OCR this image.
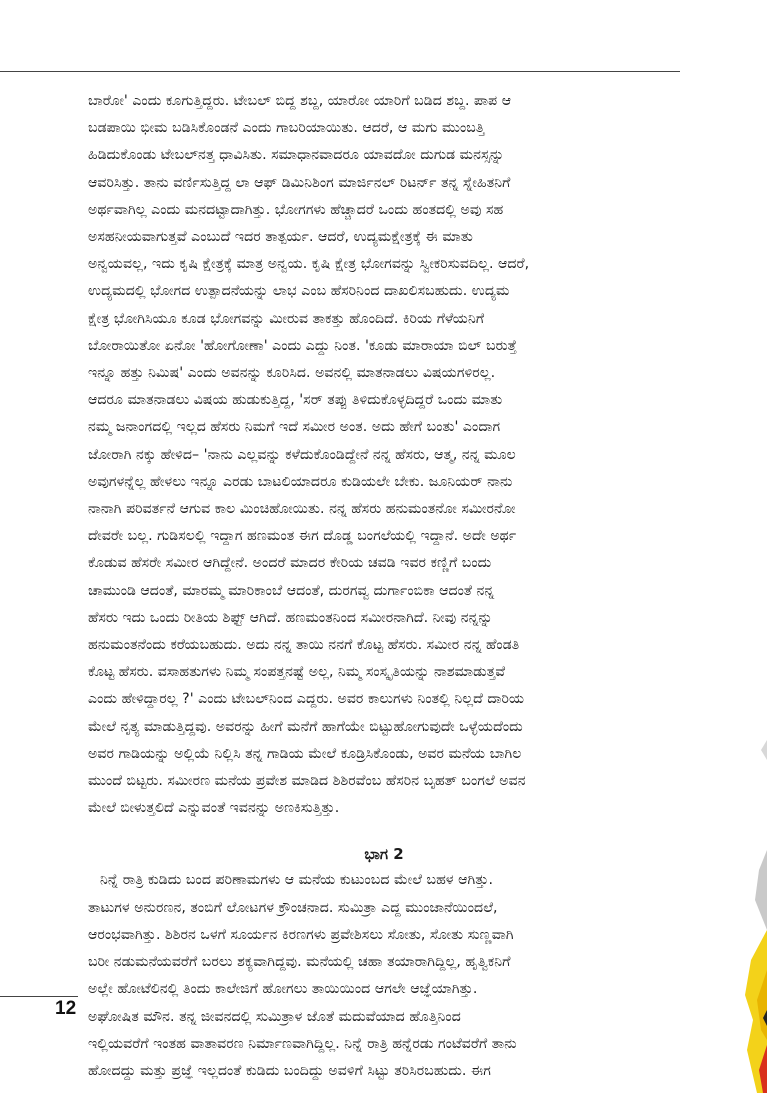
ಬಾರೋ' ಎಂದು ಕೂಗುತ್ತಿದ್ದರು. ಟೇಬಲ್ ಬಿದ್ದ ಶಬ್ದ, ಯಾರೋ ಯಾರಿಗೆ ಬಡಿದ ಶಬ್ದ. ಪಾಪ ಆ
ಬಡಪಾಯಿ ಭೀಮ ಬಡಿಸಿಕೊಂಡನೆ ಎಂದು ಗಾಬರಿಯಾಯಿತು. ಆದರೆ, ಆ ಮಗು ಮುಂಬತ್ತಿ
ಹಿಡಿದುಕೊಂಡು ಟೇಬಲ್‌ನತ್ತ ಧಾವಿಸಿತು. ಸಮಾಧಾನವಾದರೂ ಯಾವದೋ ದುಗುಡ ಮನಸ್ಸನ್ನು
ಆವರಿಸಿತ್ತು. ತಾನು ವರ್ಣಿಸುತ್ತಿದ್ದ ಲಾ ಆಫ್ ಡಿಮಿನಿಶಿಂಗ ಮಾರ್ಜಿನಲ್ ರಿಟರ್ನ್ ತನ್ನ ಸ್ನೇಹಿತನಿಗೆ
ಅರ್ಥವಾಗಿಲ್ಲ ಎಂದು ಮನದಟ್ಟಾದಾಗಿತ್ತು. ಭೋಗಗಳು ಹೆಚ್ಚಾದರೆ ಒಂದು ಹಂತದಲ್ಲಿ ಅವು ಸಹ
ಅಸಹನೀಯವಾಗುತ್ತವೆ ಎಂಬುದೆ ಇದರ ತಾತ್ಪರ್ಯ. ಆದರೆ, ಉದ್ಯಮಕ್ಷೇತ್ರಕ್ಕೆ ಈ ಮಾತು
ಅನ್ವಯವಲ್ಲ, ಇದು ಕೃಷಿ ಕ್ಷೇತ್ರಕ್ಕೆ ಮಾತ್ರ ಅನ್ವಯ. ಕೃಷಿ ಕ್ಷೇತ್ರ ಭೋಗವನ್ನು ಸ್ವೀಕರಿಸುವದಿಲ್ಲ. ಆದರೆ,
ಉದ್ಯಮದಲ್ಲಿ ಭೋಗದ ಉತ್ಪಾದನೆಯನ್ನು ಲಾಭ ಎಂಬ ಹೆಸರಿನಿಂದ ದಾಖಲಿಸಬಹುದು. ಉದ್ಯಮ
ಕ್ಷೇತ್ರ ಭೋಗಿಸಿಯೂ ಕೂಡ ಭೋಗವನ್ನು ಮೀರುವ ತಾಕತ್ತು ಹೊಂದಿದೆ. ಕಿರಿಯ ಗೆಳೆಯನಿಗೆ
ಬೋರಾಯಿತೋ ಏನೋ 'ಹೋಗೋಣಾ' ಎಂದು ಎದ್ದು ನಿಂತ. 'ಕೂಡು ಮಾರಾಯಾ ಬಿಲ್ ಬರುತ್ತೆ
ಇನ್ನೂ ಹತ್ತು ನಿಮಿಷ' ಎಂದು ಅವನನ್ನು ಕೂರಿಸಿದ. ಅವನಲ್ಲಿ ಮಾತನಾಡಲು ವಿಷಯಗಳಿರಲ್ಲ.
ಆದರೂ ಮಾತನಾಡಲು ವಿಷಯ ಹುಡುಕುತ್ತಿದ್ದ, 'ಸರ್ ತಪ್ಪು ತಿಳಿದುಕೊಳ್ಳದಿದ್ದರೆ ಒಂದು ಮಾತು
ನಮ್ಮ ಜನಾಂಗದಲ್ಲಿ ಇಲ್ಲದ ಹೆಸರು ನಿಮಗೆ ಇದೆ ಸಮೀರ ಅಂತ. ಅದು ಹೇಗೆ ಬಂತು' ಎಂದಾಗ
ಜೋರಾಗಿ ನಕ್ಕು ಹೇಳಿದ– 'ನಾನು ಎಲ್ಲವನ್ನು ಕಳೆದುಕೊಂಡಿದ್ದೇನೆ ನನ್ನ ಹೆಸರು, ಆತ್ಮ, ನನ್ನ ಮೂಲ
ಅವುಗಳನ್ನೆಲ್ಲ ಹೇಳಲು ಇನ್ನೂ ಎರಡು ಬಾಟಲಿಯಾದರೂ ಕುಡಿಯಲೇ ಬೇಕು. ಜೂನಿಯರ್ ನಾನು
ನಾನಾಗಿ ಪರಿವರ್ತನೆ ಆಗುವ ಕಾಲ ಮಿಂಚಿಹೋಯಿತು. ನನ್ನ ಹೆಸರು ಹನುಮಂತನೋ ಸಮೀರನೋ
ದೇವರೇ ಬಲ್ಲ. ಗುಡಿಸಲಲ್ಲಿ ಇದ್ದಾಗ ಹಣಮಂತ ಈಗ ದೊಡ್ಡ ಬಂಗಲೆಯಲ್ಲಿ ಇದ್ದಾನೆ. ಅದೇ ಅರ್ಥ
ಕೊಡುವ ಹೆಸರೇ ಸಮೀರ ಆಗಿದ್ದೇನೆ. ಅಂದರೆ ಮಾದರ ಕೇರಿಯ ಚವಡಿ ಇವರ ಕಣ್ಣಿಗೆ ಬಂದು
ಚಾಮುಂಡಿ ಆದಂತೆ, ಮಾರಮ್ಮ ಮಾರಿಕಾಂಬೆ ಆದಂತೆ, ದುರಗವ್ವ ದುರ್ಗಾಂಬಿಕಾ ಆದಂತೆ ನನ್ನ
ಹೆಸರು ಇದು ಒಂದು ರೀತಿಯ ಶಿಫ್ಟ್ ಆಗಿದೆ. ಹಣಮಂತನಿಂದ ಸಮೀರನಾಗಿದೆ. ನೀವು ನನ್ನನ್ನು
ಹನುಮಂತನೆಂದು ಕರೆಯಬಹುದು. ಅದು ನನ್ನ ತಾಯಿ ನನಗೆ ಕೊಟ್ಟ ಹೆಸರು. ಸಮೀರ ನನ್ನ ಹೆಂಡತಿ
ಕೊಟ್ಟ ಹೆಸರು. ವಸಾಹತುಗಳು ನಿಮ್ಮ ಸಂಪತ್ತನಷ್ಟೆ ಅಲ್ಲ, ನಿಮ್ಮ ಸಂಸ್ಕೃತಿಯನ್ನು ನಾಶಮಾಡುತ್ತವೆ
ಎಂದು ಹೇಳಿದ್ದಾರಲ್ಲ ?' ಎಂದು ಟೇಬಲ್‌ನಿಂದ ಎದ್ದರು. ಅವರ ಕಾಲುಗಳು ನಿಂತಲ್ಲಿ ನಿಲ್ಲದೆ ದಾರಿಯ
ಮೇಲೆ ನೃತ್ಯ ಮಾಡುತ್ತಿದ್ದವು. ಅವರನ್ನು ಹೀಗೆ ಮನೆಗೆ ಹಾಗೆಯೇ ಬಿಟ್ಟುಹೋಗುವುದೇ ಒಳ್ಳೆಯದೆಂದು
ಅವರ ಗಾಡಿಯನ್ನು ಅಲ್ಲಿಯೆ ನಿಲ್ಲಿಸಿ ತನ್ನ ಗಾಡಿಯ ಮೇಲೆ ಕೂಡ್ರಿಸಿಕೊಂಡು, ಅವರ ಮನೆಯ ಬಾಗಿಲ
ಮುಂದೆ ಬಿಟ್ಟರು. ಸಮೀರಣ ಮನೆಯ ಪ್ರವೇಶ ಮಾಡಿದ ಶಿಶಿರವೆಂಬ ಹೆಸರಿನ ಬೃಹತ್ ಬಂಗಲೆ ಅವನ
ಮೇಲೆ ಬೀಳುತ್ತಲಿದೆ ಎನ್ನುವಂತೆ ಇವನನ್ನು ಅಣಕಿಸುತ್ತಿತ್ತು.

ಭಾಗ 2

ನಿನ್ನೆ ರಾತ್ರಿ ಕುಡಿದು ಬಂದ ಪರಿಣಾಮಗಳು ಆ ಮನೆಯ ಕುಟುಂಬದ ಮೇಲೆ ಬಹಳ ಆಗಿತ್ತು.
ತಾಟುಗಳ ಅನುರಣನ, ತಂಬಿಗೆ ಲೋಟಗಳ ಕ್ರೌಂಚನಾದ. ಸುಮಿತ್ರಾ ಎದ್ದ ಮುಂಜಾನೆಯಿಂದಲೆ,
ಆರಂಭವಾಗಿತ್ತು. ಶಿಶಿರನ ಒಳಗೆ ಸೂರ್ಯನ ಕಿರಣಗಳು ಪ್ರವೇಶಿಸಲು ಸೋತು, ಸೋತು ಸುಣ್ಣವಾಗಿ
ಬರೀ ನಡುಮನೆಯವರೆಗೆ ಬರಲು ಶಕ್ಯವಾಗಿದ್ದವು. ಮನೆಯಲ್ಲಿ ಚಹಾ ತಯಾರಾಗಿದ್ದಿಲ್ಲ, ಹೃತ್ವಿಕನಿಗೆ
ಅಲ್ಲೇ ಹೋಟೆಲಿನಲ್ಲಿ ತಿಂದು ಕಾಲೇಜಿಗೆ ಹೋಗಲು ತಾಯಿಯಿಂದ ಆಗಲೇ ಆಜ್ಞೆಯಾಗಿತ್ತು.
ಅಘೋಷಿತ ಮೌನ. ತನ್ನ ಜೀವನದಲ್ಲಿ ಸುಮಿತ್ರಾಳ ಜೊತೆ ಮದುವೆಯಾದ ಹೊತ್ತಿನಿಂದ
ಇಲ್ಲಿಯವರೆಗೆ ಇಂತಹ ವಾತಾವರಣ ನಿರ್ಮಾಣವಾಗಿದ್ದಿಲ್ಲ. ನಿನ್ನೆ ರಾತ್ರಿ ಹನ್ನೆರಡು ಗಂಟೆವರೆಗೆ ತಾನು
ಹೋದದ್ದು ಮತ್ತು ಪ್ರಜ್ಞೆ ಇಲ್ಲದಂತೆ ಕುಡಿದು ಬಂದಿದ್ದು ಅವಳಿಗೆ ಸಿಟ್ಟು ತರಿಸಿರಬಹುದು. ಈಗ

12
